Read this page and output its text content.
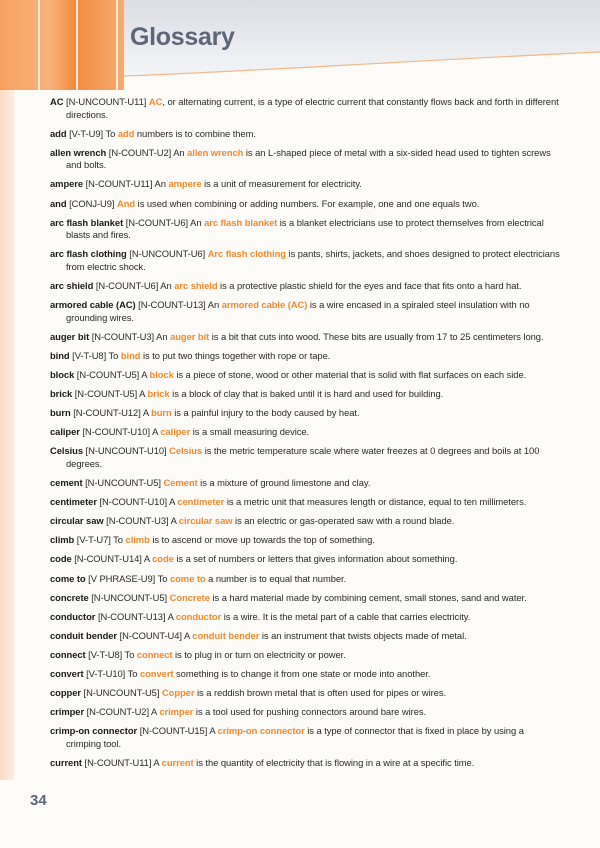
Glossary

AC [N-UNCOUNT-U11] AC, or alternating current, is a type of electric current that constantly flows back and forth in different directions.

add [V-T-U9] To add numbers is to combine them.

allen wrench [N-COUNT-U2] An allen wrench is an L-shaped piece of metal with a six-sided head used to tighten screws and bolts.

ampere [N-COUNT-U11] An ampere is a unit of measurement for electricity.

and [CONJ-U9] And is used when combining or adding numbers. For example, one and one equals two.

arc flash blanket [N-COUNT-U6] An arc flash blanket is a blanket electricians use to protect themselves from electrical blasts and fires.

arc flash clothing [N-UNCOUNT-U6] Arc flash clothing is pants, shirts, jackets, and shoes designed to protect electricians from electric shock.

arc shield [N-COUNT-U6] An arc shield is a protective plastic shield for the eyes and face that fits onto a hard hat.

armored cable (AC) [N-COUNT-U13] An armored cable (AC) is a wire encased in a spiraled steel insulation with no grounding wires.

auger bit [N-COUNT-U3] An auger bit is a bit that cuts into wood. These bits are usually from 17 to 25 centimeters long.

bind [V-T-U8] To bind is to put two things together with rope or tape.

block [N-COUNT-U5] A block is a piece of stone, wood or other material that is solid with flat surfaces on each side.

brick [N-COUNT-U5] A brick is a block of clay that is baked until it is hard and used for building.

burn [N-COUNT-U12] A burn is a painful injury to the body caused by heat.

caliper [N-COUNT-U10] A caliper is a small measuring device.

Celsius [N-UNCOUNT-U10] Celsius is the metric temperature scale where water freezes at 0 degrees and boils at 100 degrees.

cement [N-UNCOUNT-U5] Cement is a mixture of ground limestone and clay.

centimeter [N-COUNT-U10] A centimeter is a metric unit that measures length or distance, equal to ten millimeters.

circular saw [N-COUNT-U3] A circular saw is an electric or gas-operated saw with a round blade.

climb [V-T-U7] To climb is to ascend or move up towards the top of something.

code [N-COUNT-U14] A code is a set of numbers or letters that gives information about something.

come to [V PHRASE-U9] To come to a number is to equal that number.

concrete [N-UNCOUNT-U5] Concrete is a hard material made by combining cement, small stones, sand and water.

conductor [N-COUNT-U13] A conductor is a wire. It is the metal part of a cable that carries electricity.

conduit bender [N-COUNT-U4] A conduit bender is an instrument that twists objects made of metal.

connect [V-T-U8] To connect is to plug in or turn on electricity or power.

convert [V-T-U10] To convert something is to change it from one state or mode into another.

copper [N-UNCOUNT-U5] Copper is a reddish brown metal that is often used for pipes or wires.

crimper [N-COUNT-U2] A crimper is a tool used for pushing connectors around bare wires.

crimp-on connector [N-COUNT-U15] A crimp-on connector is a type of connector that is fixed in place by using a crimping tool.

current [N-COUNT-U11] A current is the quantity of electricity that is flowing in a wire at a specific time.

34
